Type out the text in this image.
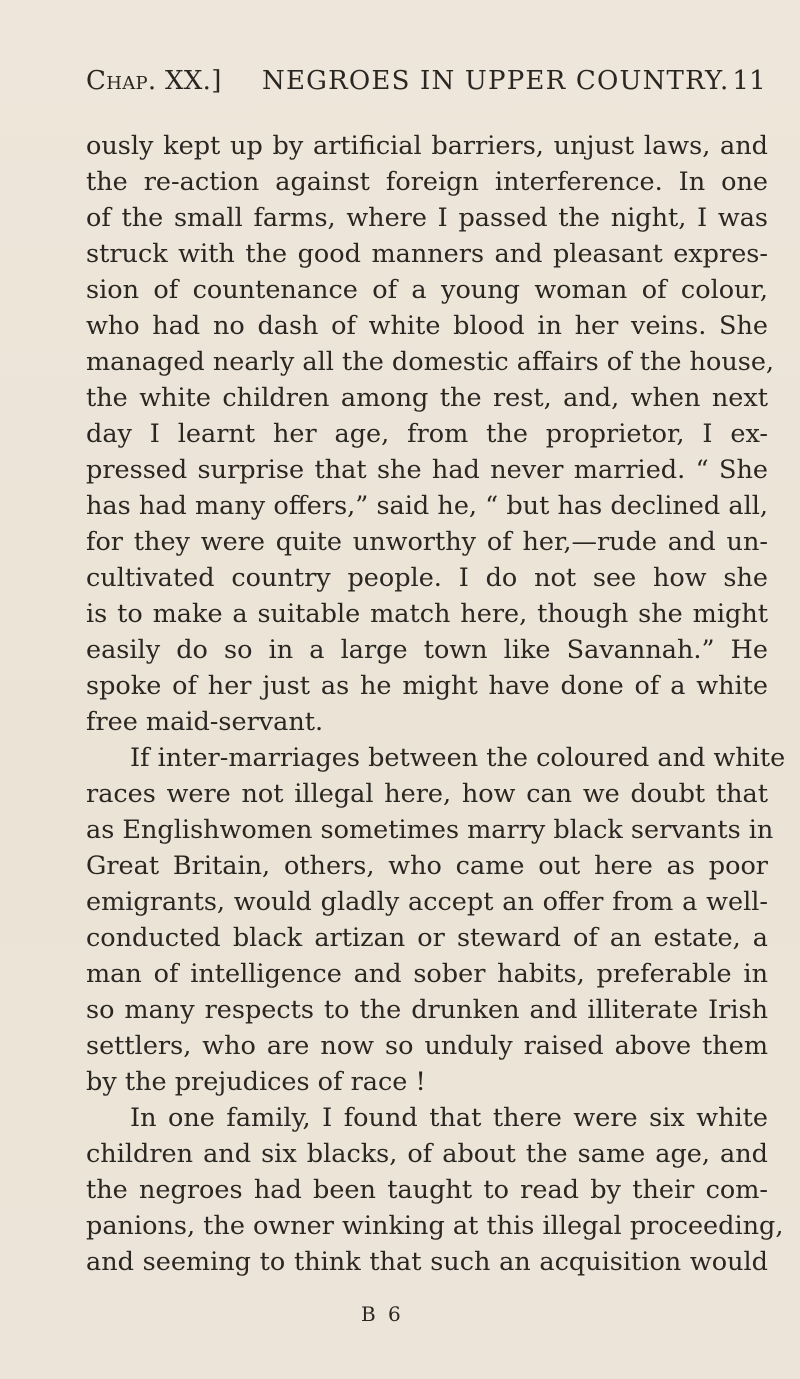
Chap. XX.] NEGROES IN UPPER COUNTRY. 11
ously kept up by artificial barriers, unjust laws, and
the re-action against foreign interference. In one
of the small farms, where I passed the night, I was
struck with the good manners and pleasant expres-
sion of countenance of a young woman of colour,
who had no dash of white blood in her veins. She
managed nearly all the domestic affairs of the house,
the white children among the rest, and, when next
day I learnt her age, from the proprietor, I ex-
pressed surprise that she had never married. “ She
has had many offers,” said he, “ but has declined all,
for they were quite unworthy of her,—rude and un-
cultivated country people. I do not see how she
is to make a suitable match here, though she might
easily do so in a large town like Savannah.” He
spoke of her just as he might have done of a white
free maid-servant.
If inter-marriages between the coloured and white
races were not illegal here, how can we doubt that
as Englishwomen sometimes marry black servants in
Great Britain, others, who came out here as poor
emigrants, would gladly accept an offer from a well-
conducted black artizan or steward of an estate, a
man of intelligence and sober habits, preferable in
so many respects to the drunken and illiterate Irish
settlers, who are now so unduly raised above them
by the prejudices of race !
In one family, I found that there were six white
children and six blacks, of about the same age, and
the negroes had been taught to read by their com-
panions, the owner winking at this illegal proceeding,
and seeming to think that such an acquisition would
B 6
